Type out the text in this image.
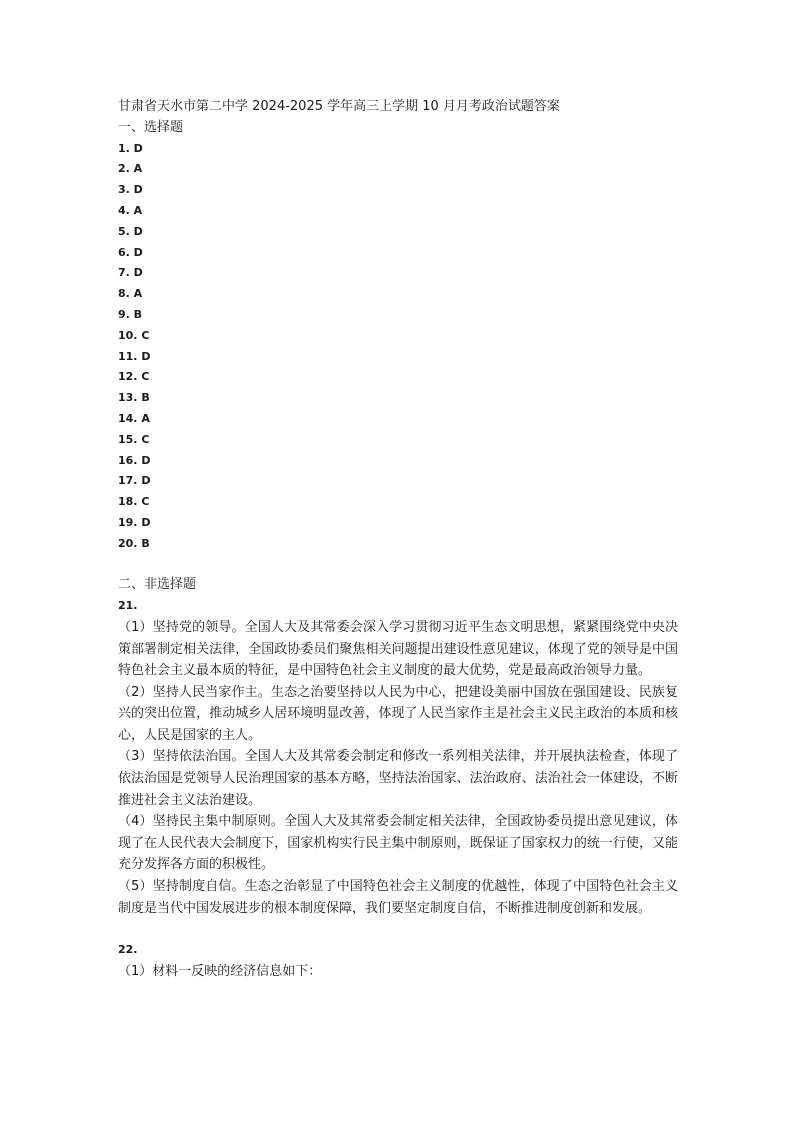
甘肃省天水市第二中学 2024-2025 学年高三上学期 10 月月考政治试题答案
一、选择题
1. D
2. A
3. D
4. A
5. D
6. D
7. D
8. A
9. B
10. C
11. D
12. C
13. B
14. A
15. C
16. D
17. D
18. C
19. D
20. B
二、非选择题
21.
（1）坚持党的领导。全国人大及其常委会深入学习贯彻习近平生态文明思想，紧紧围绕党中央决策部署制定相关法律，全国政协委员们聚焦相关问题提出建设性意见建议，体现了党的领导是中国特色社会主义最本质的特征，是中国特色社会主义制度的最大优势，党是最高政治领导力量。
（2）坚持人民当家作主。生态之治要坚持以人民为中心，把建设美丽中国放在强国建设、民族复兴的突出位置，推动城乡人居环境明显改善，体现了人民当家作主是社会主义民主政治的本质和核心，人民是国家的主人。
（3）坚持依法治国。全国人大及其常委会制定和修改一系列相关法律，并开展执法检查，体现了依法治国是党领导人民治理国家的基本方略，坚持法治国家、法治政府、法治社会一体建设，不断推进社会主义法治建设。
（4）坚持民主集中制原则。全国人大及其常委会制定相关法律，全国政协委员提出意见建议，体现了在人民代表大会制度下，国家机构实行民主集中制原则，既保证了国家权力的统一行使，又能充分发挥各方面的积极性。
（5）坚持制度自信。生态之治彰显了中国特色社会主义制度的优越性，体现了中国特色社会主义制度是当代中国发展进步的根本制度保障，我们要坚定制度自信，不断推进制度创新和发展。
22.
（1）材料一反映的经济信息如下：
